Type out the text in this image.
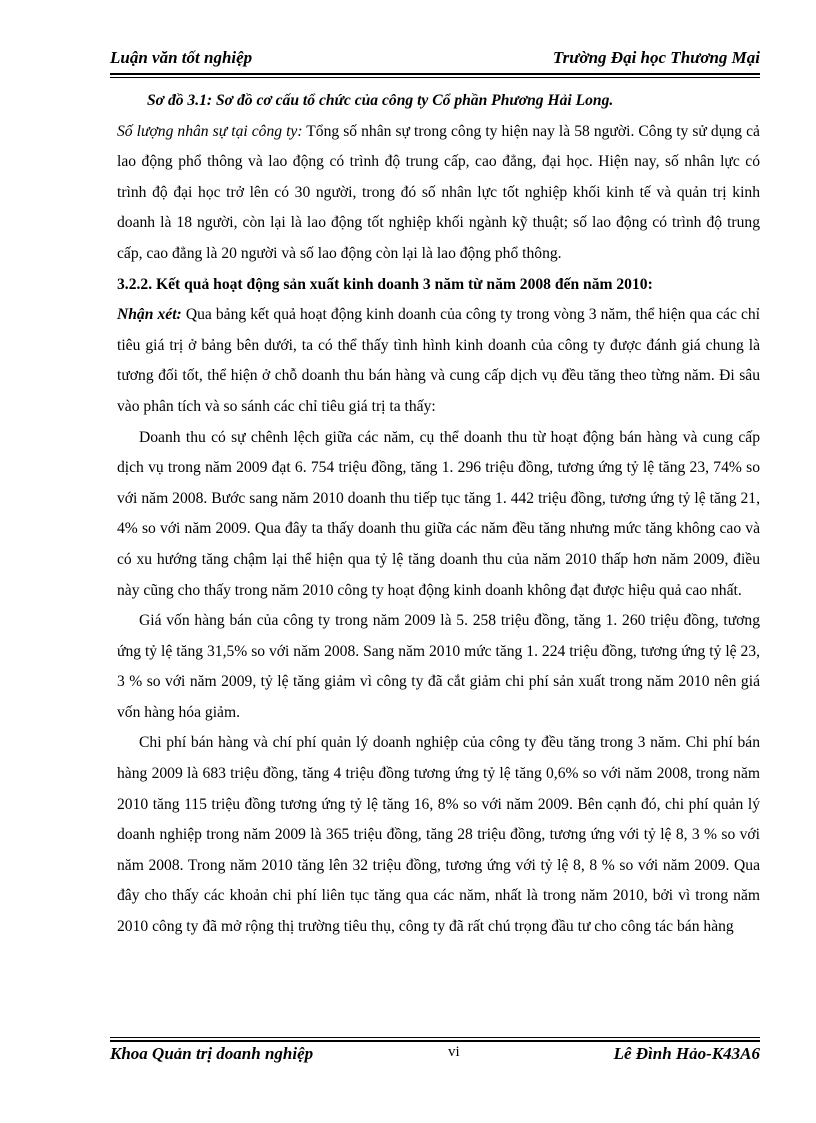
Luận văn tốt nghiệp	Trường Đại học Thương Mại

Sơ đồ 3.1: Sơ đồ cơ cấu tổ chức của công ty Cổ phần Phương Hải Long.

Số lượng nhân sự tại công ty: Tổng số nhân sự trong công ty hiện nay là 58 người. Công ty sử dụng cả lao động phổ thông và lao động có trình độ trung cấp, cao đẳng, đại học. Hiện nay, số nhân lực có trình độ đại học trở lên có 30 người, trong đó số nhân lực tốt nghiệp khối kinh tế và quản trị kinh doanh là 18 người, còn lại là lao động tốt nghiệp khối ngành kỹ thuật; số lao động có trình độ trung cấp, cao đẳng là 20 người và số lao động còn lại là lao động phổ thông.

3.2.2. Kết quả hoạt động sản xuất kinh doanh 3 năm từ năm 2008 đến năm 2010:

Nhận xét: Qua bảng kết quả hoạt động kinh doanh của công ty trong vòng 3 năm, thể hiện qua các chỉ tiêu giá trị ở bảng bên dưới, ta có thể thấy tình hình kinh doanh của công ty được đánh giá chung là tương đối tốt, thể hiện ở chỗ doanh thu bán hàng và cung cấp dịch vụ đều tăng theo từng năm. Đi sâu vào phân tích và so sánh các chỉ tiêu giá trị ta thấy:

Doanh thu có sự chênh lệch giữa các năm, cụ thể doanh thu từ hoạt động bán hàng và cung cấp dịch vụ trong năm 2009 đạt 6. 754 triệu đồng, tăng 1. 296 triệu đồng, tương ứng tỷ lệ tăng 23, 74% so với năm 2008. Bước sang năm 2010 doanh thu tiếp tục tăng 1. 442 triệu đồng, tương ứng tỷ lệ tăng 21, 4% so với năm 2009. Qua đây ta thấy doanh thu giữa các năm đều tăng nhưng mức tăng không cao và có xu hướng tăng chậm lại thể hiện qua tỷ lệ tăng doanh thu của năm 2010 thấp hơn năm 2009, điều này cũng cho thấy trong năm 2010 công ty hoạt động kinh doanh không đạt được hiệu quả cao nhất.

Giá vốn hàng bán của công ty trong năm 2009 là 5. 258 triệu đồng, tăng 1. 260 triệu đồng, tương ứng tỷ lệ tăng 31,5% so với năm 2008. Sang năm 2010 mức tăng 1. 224 triệu đồng, tương ứng tỷ lệ 23, 3 % so với năm 2009, tỷ lệ tăng giảm vì công ty đã cắt giảm chi phí sản xuất trong năm 2010 nên giá vốn hàng hóa giảm.

Chi phí bán hàng và chí phí quản lý doanh nghiệp của công ty đều tăng trong 3 năm. Chi phí bán hàng 2009 là 683 triệu đồng, tăng 4 triệu đồng tương ứng tỷ lệ tăng 0,6% so với năm 2008, trong năm 2010 tăng 115 triệu đồng tương ứng tỷ lệ tăng 16, 8% so với năm 2009. Bên cạnh đó, chi phí quản lý doanh nghiệp trong năm 2009 là 365 triệu đồng, tăng 28 triệu đồng, tương ứng với tỷ lệ 8, 3 % so với năm 2008. Trong năm 2010 tăng lên 32 triệu đồng, tương ứng với tỷ lệ 8, 8 % so với năm 2009. Qua đây cho thấy các khoản chi phí liên tục tăng qua các năm, nhất là trong năm 2010, bởi vì trong năm 2010 công ty đã mở rộng thị trường tiêu thụ, công ty đã rất chú trọng đầu tư cho công tác bán hàng

Khoa Quản trị doanh nghiệp	vi	Lê Đình Hảo-K43A6
